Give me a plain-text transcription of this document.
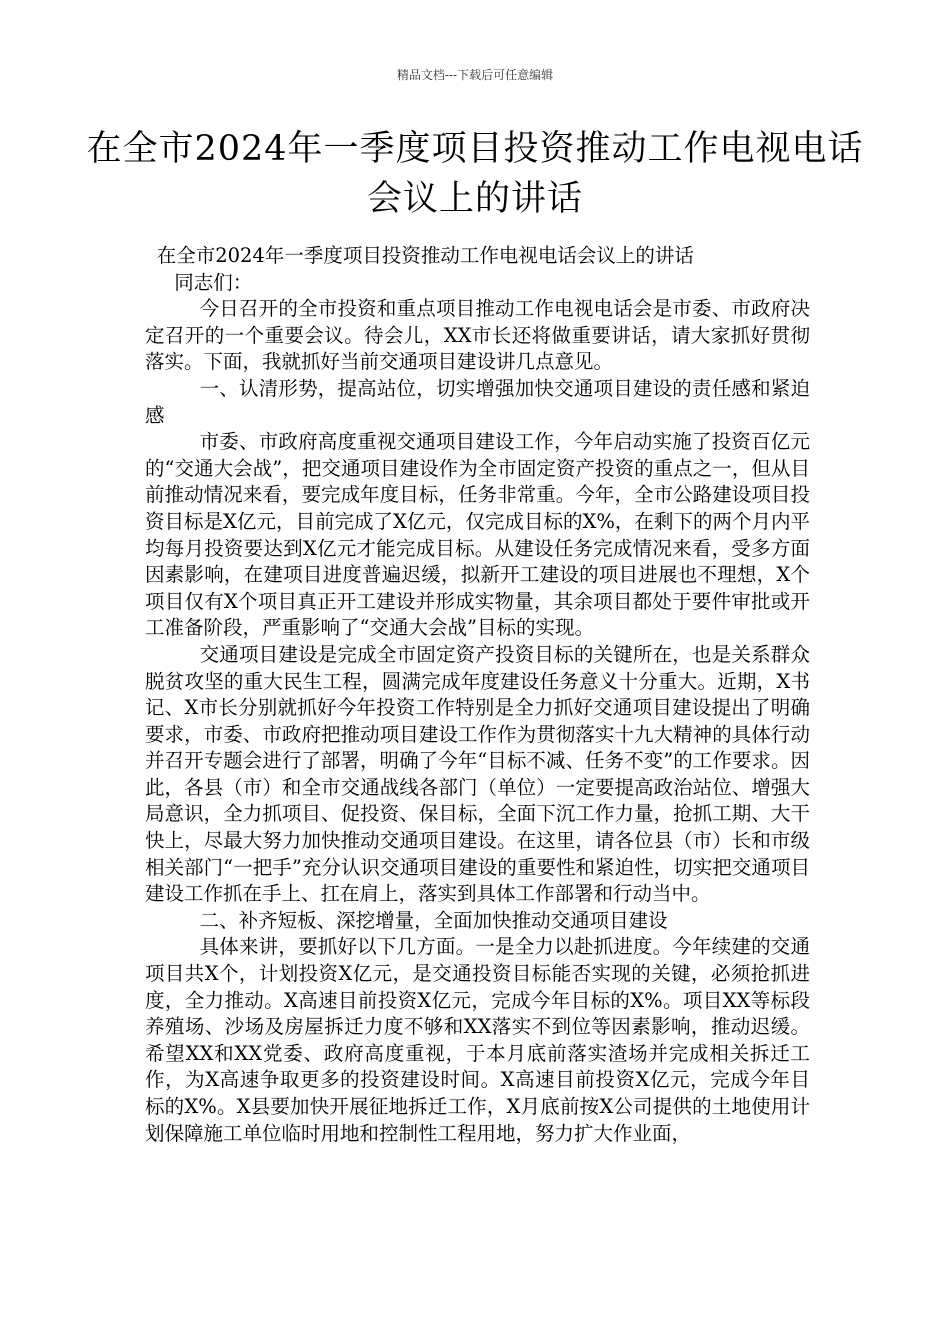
精品文档---下载后可任意编辑
在全市2024年一季度项目投资推动工作电视电话会议上的讲话

在全市2024年一季度项目投资推动工作电视电话会议上的讲话

同志们：

今日召开的全市投资和重点项目推动工作电视电话会是市委、市政府决定召开的一个重要会议。待会儿，XX市长还将做重要讲话，请大家抓好贯彻落实。下面，我就抓好当前交通项目建设讲几点意见。

一、认清形势，提高站位，切实增强加快交通项目建设的责任感和紧迫感

市委、市政府高度重视交通项目建设工作，今年启动实施了投资百亿元的“交通大会战”，把交通项目建设作为全市固定资产投资的重点之一，但从目前推动情况来看，要完成年度目标，任务非常重。今年，全市公路建设项目投资目标是X亿元，目前完成了X亿元，仅完成目标的X%，在剩下的两个月内平均每月投资要达到X亿元才能完成目标。从建设任务完成情况来看，受多方面因素影响，在建项目进度普遍迟缓，拟新开工建设的项目进展也不理想，X个项目仅有X个项目真正开工建设并形成实物量，其余项目都处于要件审批或开工准备阶段，严重影响了“交通大会战”目标的实现。

交通项目建设是完成全市固定资产投资目标的关键所在，也是关系群众脱贫攻坚的重大民生工程，圆满完成年度建设任务意义十分重大。近期，X书记、X市长分别就抓好今年投资工作特别是全力抓好交通项目建设提出了明确要求，市委、市政府把推动项目建设工作作为贯彻落实十九大精神的具体行动并召开专题会进行了部署，明确了今年“目标不减、任务不变”的工作要求。因此，各县（市）和全市交通战线各部门（单位）一定要提高政治站位、增强大局意识，全力抓项目、促投资、保目标，全面下沉工作力量，抢抓工期、大干快上，尽最大努力加快推动交通项目建设。在这里，请各位县（市）长和市级相关部门“一把手”充分认识交通项目建设的重要性和紧迫性，切实把交通项目建设工作抓在手上、扛在肩上，落实到具体工作部署和行动当中。

二、补齐短板、深挖增量，全面加快推动交通项目建设

具体来讲，要抓好以下几方面。一是全力以赴抓进度。今年续建的交通项目共X个，计划投资X亿元，是交通投资目标能否实现的关键，必须抢抓进度，全力推动。X高速目前投资X亿元，完成今年目标的X%。项目XX等标段养殖场、沙场及房屋拆迁力度不够和XX落实不到位等因素影响，推动迟缓。希望XX和XX党委、政府高度重视，于本月底前落实渣场并完成相关拆迁工作，为X高速争取更多的投资建设时间。X高速目前投资X亿元，完成今年目标的X%。X县要加快开展征地拆迁工作，X月底前按X公司提供的土地使用计划保障施工单位临时用地和控制性工程用地，努力扩大作业面，
